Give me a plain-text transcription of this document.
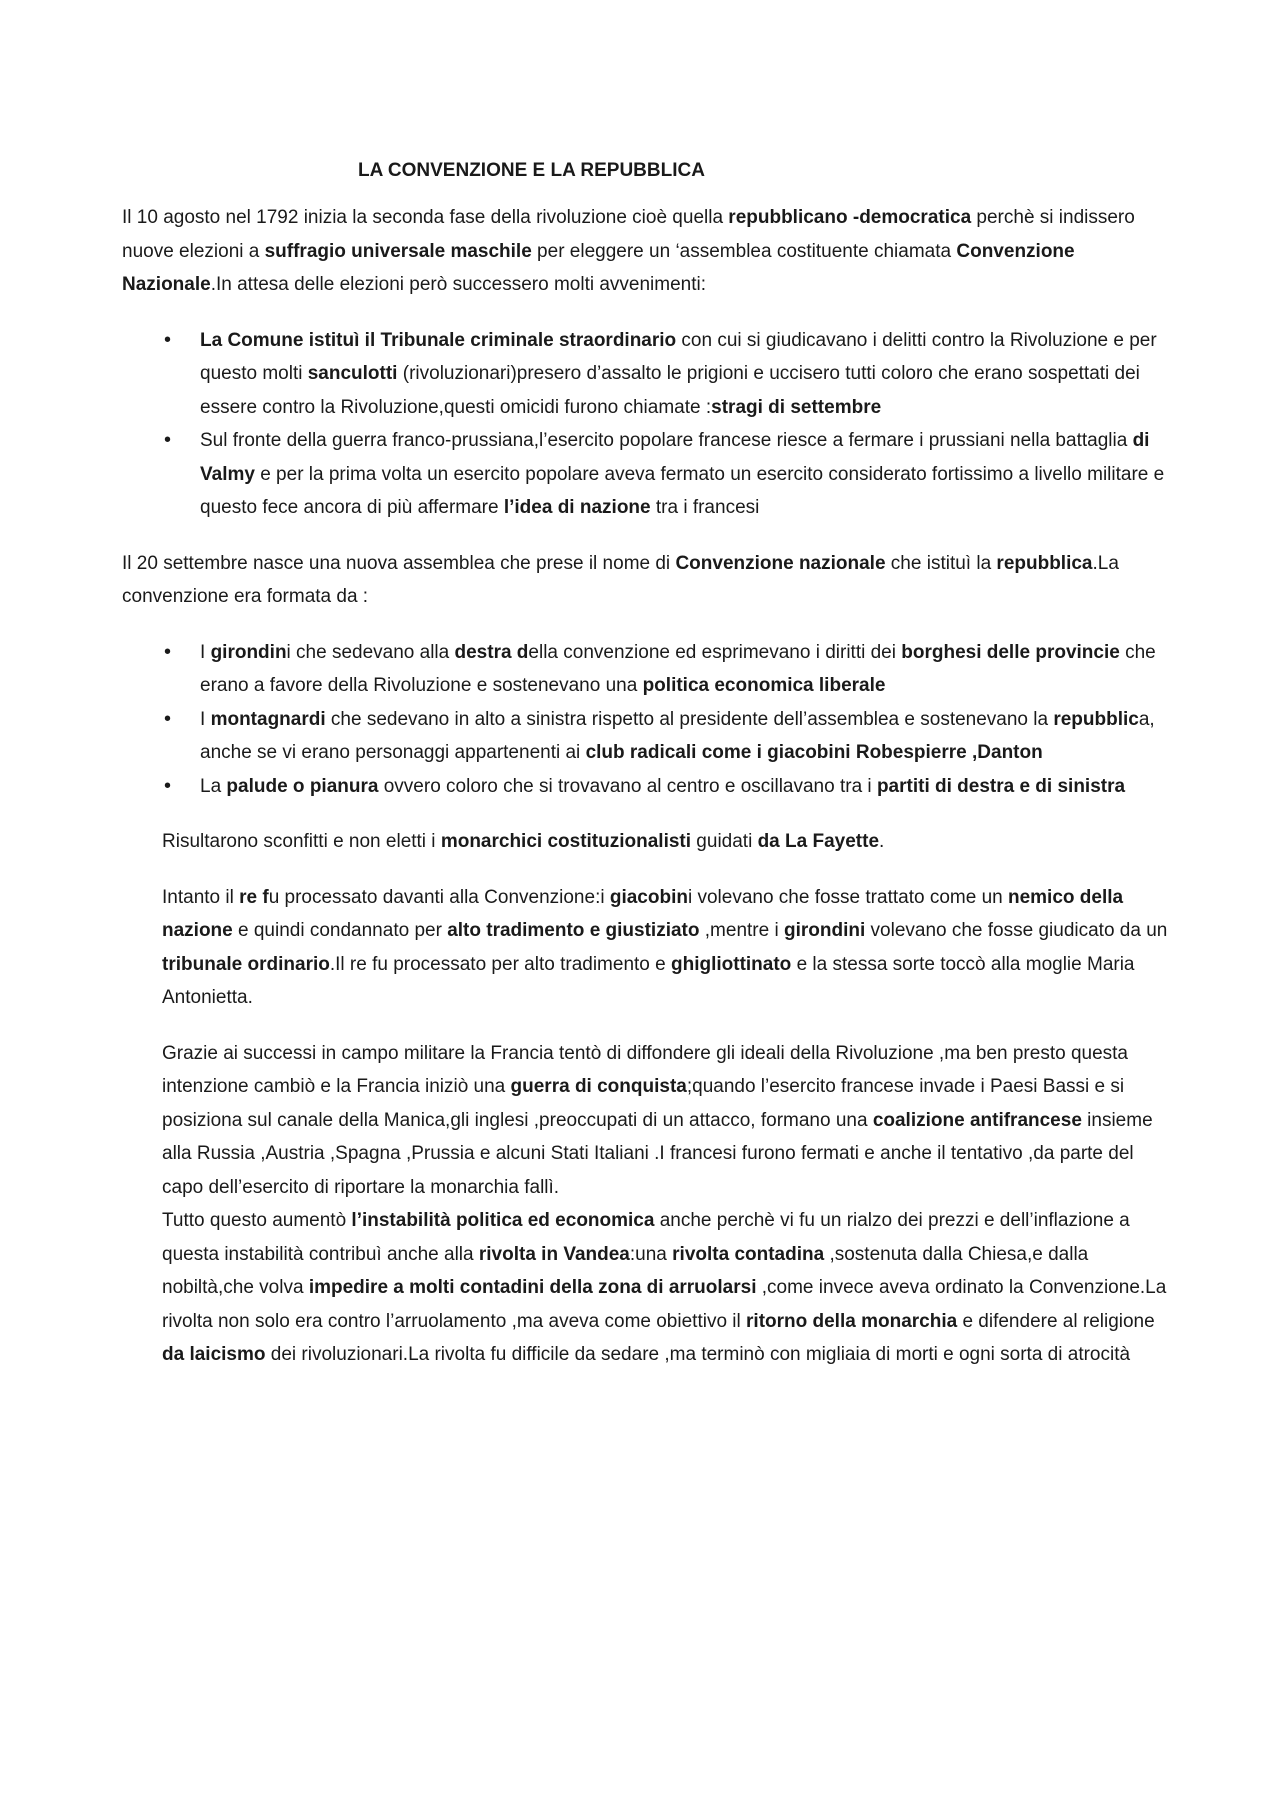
LA CONVENZIONE E LA REPUBBLICA

Il 10 agosto nel 1792 inizia la seconda fase della rivoluzione cioè quella repubblicano -democratica perchè si indissero nuove elezioni a suffragio universale maschile per eleggere un ‘assemblea costituente chiamata Convenzione Nazionale.In attesa delle elezioni però successero molti avvenimenti:

• La Comune istituì il Tribunale criminale straordinario con cui si giudicavano i delitti contro la Rivoluzione e per questo molti sanculotti (rivoluzionari)presero d’assalto le prigioni e uccisero tutti coloro che erano sospettati dei essere contro la Rivoluzione,questi omicidi furono chiamate :stragi di settembre
• Sul fronte della guerra franco-prussiana,l’esercito popolare francese riesce a fermare i prussiani nella battaglia di Valmy e per la prima volta un esercito popolare aveva fermato un esercito considerato fortissimo a livello militare e questo fece ancora di più affermare l’idea di nazione tra i francesi

Il 20 settembre nasce una nuova assemblea che prese il nome di Convenzione nazionale che istituì la repubblica.La convenzione era formata da :

• I girondini che sedevano alla destra della convenzione ed esprimevano i diritti dei borghesi delle provincie che erano a favore della Rivoluzione e sostenevano una politica economica liberale
• I montagnardi che sedevano in alto a sinistra rispetto al presidente dell’assemblea e sostenevano la repubblica, anche se vi erano personaggi appartenenti ai club radicali come i giacobini Robespierre ,Danton
• La palude o pianura ovvero coloro che si trovavano al centro e oscillavano tra i partiti di destra e di sinistra

Risultarono sconfitti e non eletti i monarchici costituzionalisti guidati da La Fayette.

Intanto il re fu processato davanti alla Convenzione:i giacobini volevano che fosse trattato come un nemico della nazione e quindi condannato per alto tradimento e giustiziato ,mentre i girondini volevano che fosse giudicato da un tribunale ordinario.Il re fu processato per alto tradimento e ghigliottinato e la stessa sorte toccò alla moglie Maria Antonietta.

Grazie ai successi in campo militare la Francia tentò di diffondere gli ideali della Rivoluzione ,ma ben presto questa intenzione cambiò e la Francia iniziò una guerra di conquista;quando l’esercito francese invade i Paesi Bassi e si posiziona sul canale della Manica,gli inglesi ,preoccupati di un attacco, formano una coalizione antifrancese insieme alla Russia ,Austria ,Spagna ,Prussia e alcuni Stati Italiani .I francesi furono fermati e anche il tentativo ,da parte del capo dell’esercito di riportare la monarchia fallì.

Tutto questo aumentò l’instabilità politica ed economica anche perchè vi fu un rialzo dei prezzi e dell’inflazione a questa instabilità contribuì anche alla rivolta in Vandea:una rivolta contadina ,sostenuta dalla Chiesa,e dalla nobiltà,che volva impedire a molti contadini della zona di arruolarsi ,come invece aveva ordinato la Convenzione.La rivolta non solo era contro l’arruolamento ,ma aveva come obiettivo il ritorno della monarchia e difendere al religione da laicismo dei rivoluzionari.La rivolta fu difficile da sedare ,ma terminò con migliaia di morti e ogni sorta di atrocità
